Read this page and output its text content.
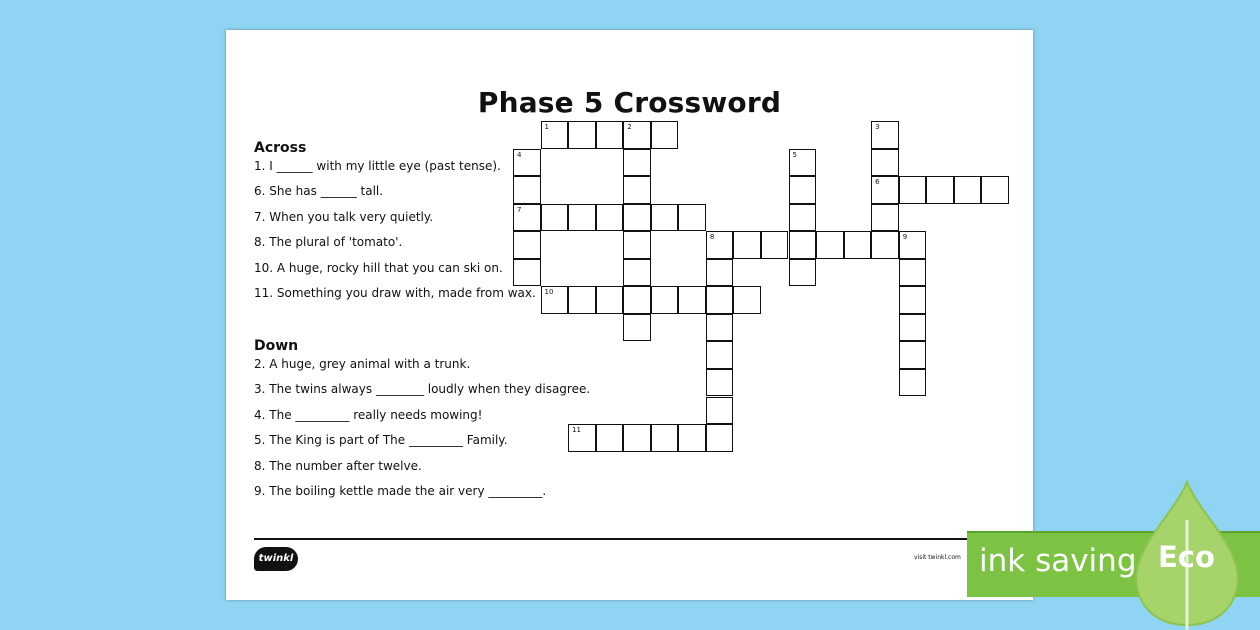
Phase 5 Crossword
Across
1. I ______ with my little eye (past tense).
6. She has ______ tall.
7. When you talk very quietly.
8. The plural of 'tomato'.
10. A huge, rocky hill that you can ski on.
11. Something you draw with, made from wax.
Down
2. A huge, grey animal with a trunk.
3. The twins always ________ loudly when they disagree.
4. The _________ really needs mowing!
5. The King is part of The _________ Family.
8. The number after twelve.
9. The boiling kettle made the air very _________.
1	2
6
7
8	9
10
11
3
4	5
twinkl	visit twinkl.com ink saving Eco
